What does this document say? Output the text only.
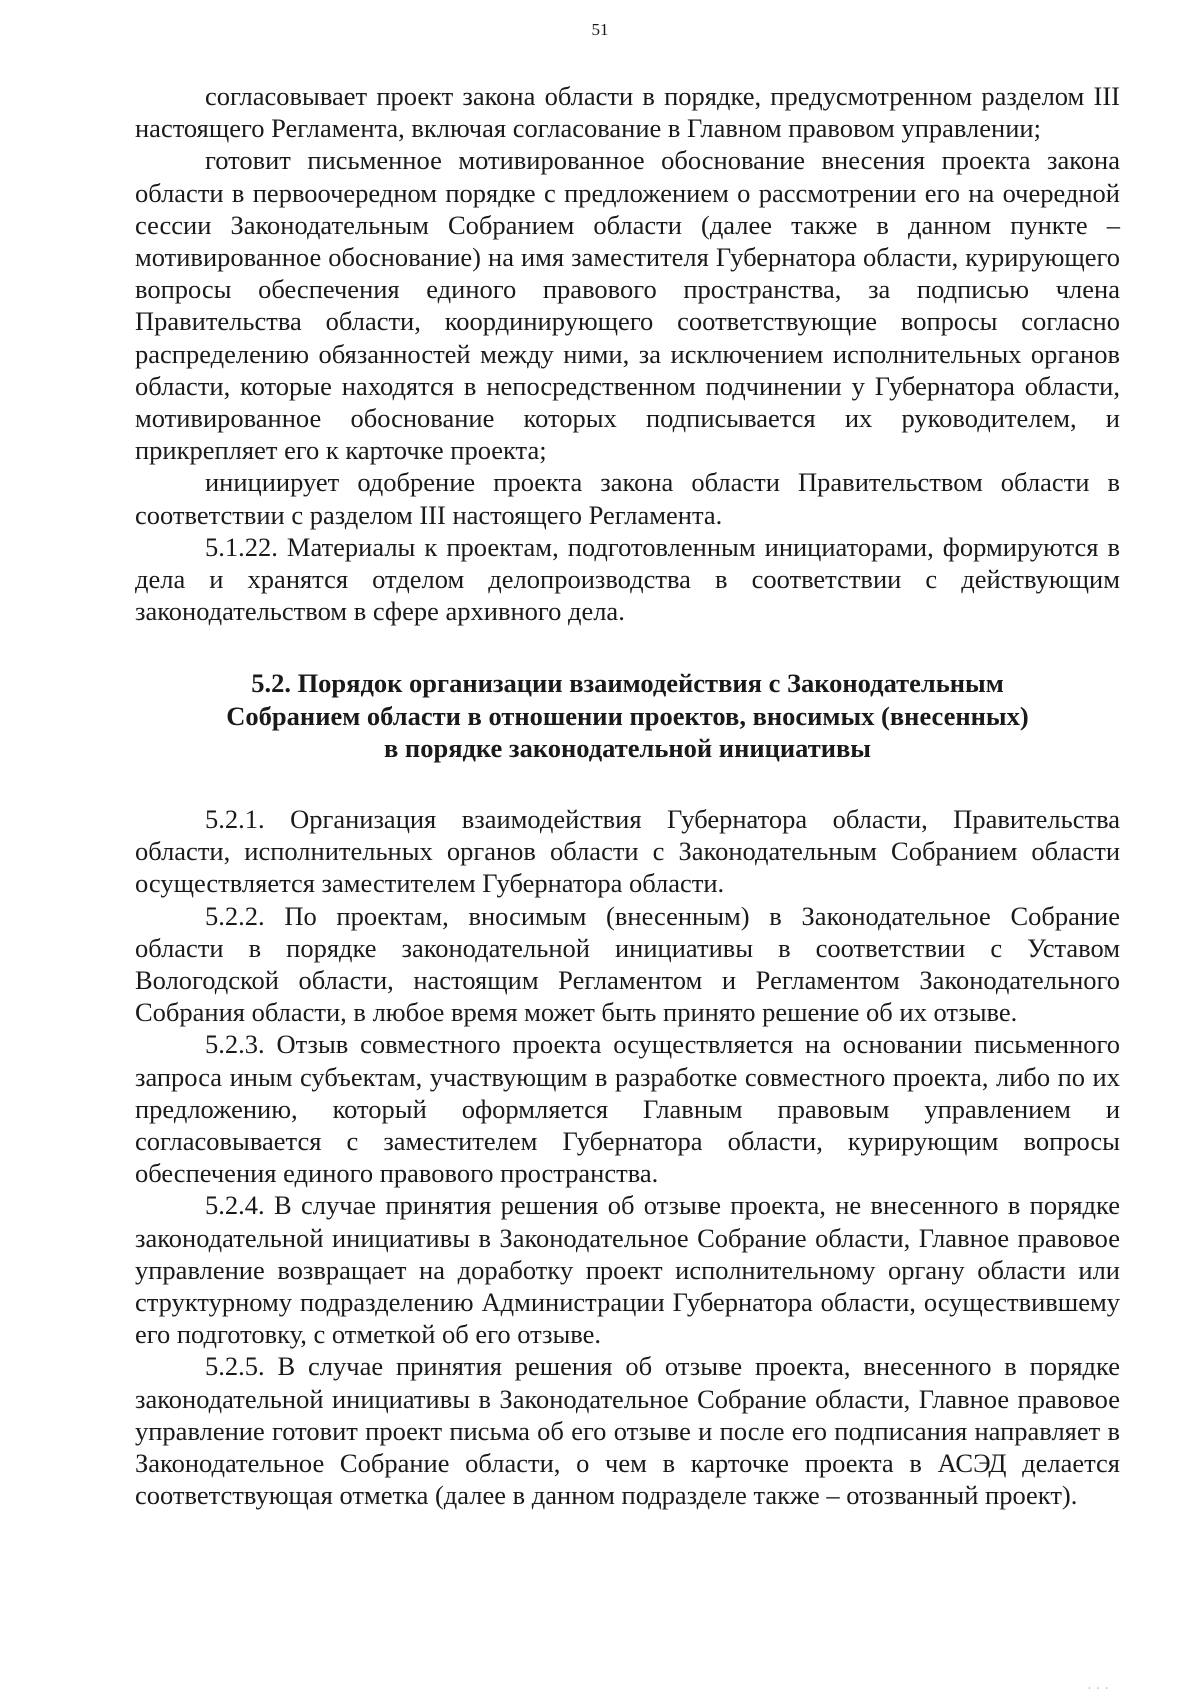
51

согласовывает проект закона области в порядке, предусмотренном разделом III настоящего Регламента, включая согласование в Главном правовом управлении;

готовит письменное мотивированное обоснование внесения проекта закона области в первоочередном порядке с предложением о рассмотрении его на очередной сессии Законодательным Собранием области (далее также в данном пункте – мотивированное обоснование) на имя заместителя Губернатора области, курирующего вопросы обеспечения единого правового пространства, за подписью члена Правительства области, координирующего соответствующие вопросы согласно распределению обязанностей между ними, за исключением исполнительных органов области, которые находятся в непосредственном подчинении у Губернатора области, мотивированное обоснование которых подписывается их руководителем, и прикрепляет его к карточке проекта;

инициирует одобрение проекта закона области Правительством области в соответствии с разделом III настоящего Регламента.

5.1.22. Материалы к проектам, подготовленным инициаторами, формируются в дела и хранятся отделом делопроизводства в соответствии с действующим законодательством в сфере архивного дела.

5.2. Порядок организации взаимодействия с Законодательным
Собранием области в отношении проектов, вносимых (внесенных)
в порядке законодательной инициативы

5.2.1. Организация взаимодействия Губернатора области, Правительства области, исполнительных органов области с Законодательным Собранием области осуществляется заместителем Губернатора области.

5.2.2. По проектам, вносимым (внесенным) в Законодательное Собрание области в порядке законодательной инициативы в соответствии с Уставом Вологодской области, настоящим Регламентом и Регламентом Законодательного Собрания области, в любое время может быть принято решение об их отзыве.

5.2.3. Отзыв совместного проекта осуществляется на основании письменного запроса иным субъектам, участвующим в разработке совместного проекта, либо по их предложению, который оформляется Главным правовым управлением и согласовывается с заместителем Губернатора области, курирующим вопросы обеспечения единого правового пространства.

5.2.4. В случае принятия решения об отзыве проекта, не внесенного в порядке законодательной инициативы в Законодательное Собрание области, Главное правовое управление возвращает на доработку проект исполнительному органу области или структурному подразделению Администрации Губернатора области, осуществившему его подготовку, с отметкой об его отзыве.

5.2.5. В случае принятия решения об отзыве проекта, внесенного в порядке законодательной инициативы в Законодательное Собрание области, Главное правовое управление готовит проект письма об его отзыве и после его подписания направляет в Законодательное Собрание области, о чем в карточке проекта в АСЭД делается соответствующая отметка (далее в данном подразделе также – отозванный проект).

· · ·
